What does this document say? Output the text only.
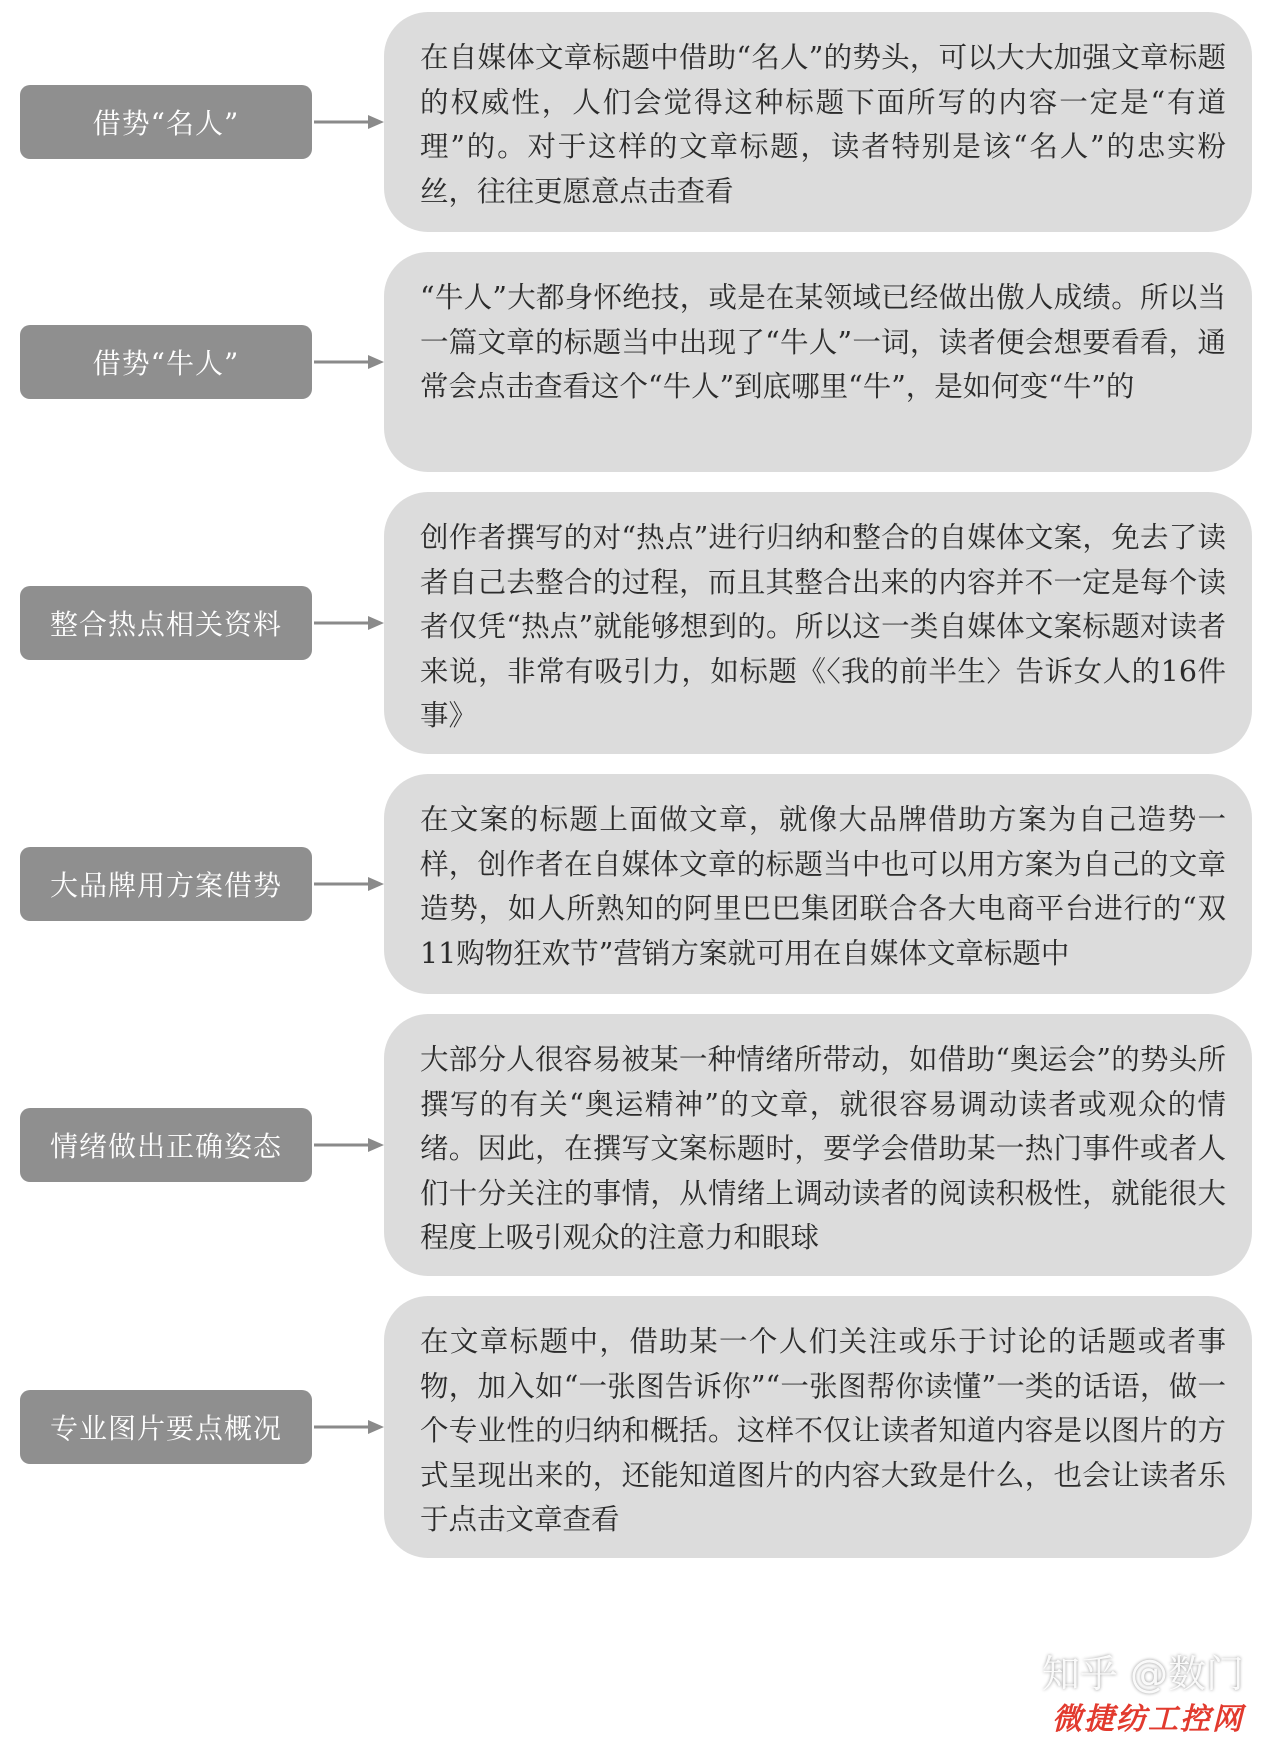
在自媒体文章标题中借助“名人”的势头，可以大大加强文章标题的权威性，人们会觉得这种标题下面所写的内容一定是“有道理”的。对于这样的文章标题，读者特别是该“名人”的忠实粉丝，往往更愿意点击查看
借势“名人”
“牛人”大都身怀绝技，或是在某领域已经做出傲人成绩。所以当一篇文章的标题当中出现了“牛人”一词，读者便会想要看看，通常会点击查看这个“牛人”到底哪里“牛”，是如何变“牛”的
借势“牛人”
创作者撰写的对“热点”进行归纳和整合的自媒体文案，免去了读者自己去整合的过程，而且其整合出来的内容并不一定是每个读者仅凭“热点”就能够想到的。所以这一类自媒体文案标题对读者来说，非常有吸引力，如标题《〈我的前半生〉告诉女人的16件事》
整合热点相关资料
在文案的标题上面做文章，就像大品牌借助方案为自己造势一样，创作者在自媒体文章的标题当中也可以用方案为自己的文章造势，如人所熟知的阿里巴巴集团联合各大电商平台进行的“双11购物狂欢节”营销方案就可用在自媒体文章标题中
大品牌用方案借势
大部分人很容易被某一种情绪所带动，如借助“奥运会”的势头所撰写的有关“奥运精神”的文章，就很容易调动读者或观众的情绪。因此，在撰写文案标题时，要学会借助某一热门事件或者人们十分关注的事情，从情绪上调动读者的阅读积极性，就能很大程度上吸引观众的注意力和眼球
情绪做出正确姿态
在文章标题中，借助某一个人们关注或乐于讨论的话题或者事物，加入如“一张图告诉你”“一张图帮你读懂”一类的话语，做一个专业性的归纳和概括。这样不仅让读者知道内容是以图片的方式呈现出来的，还能知道图片的内容大致是什么，也会让读者乐于点击文章查看
专业图片要点概况
知乎 @数门
微捷纺工控网
